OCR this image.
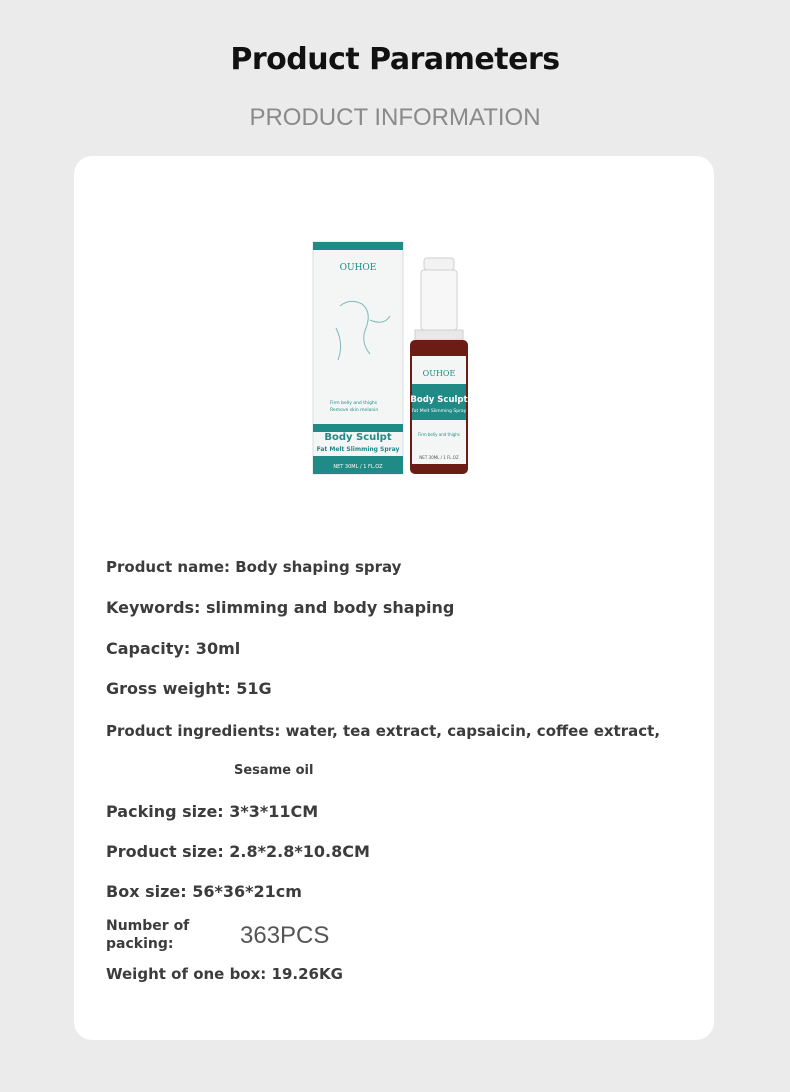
Product Parameters
PRODUCT INFORMATION
OUHOE
Firm belly and thighs
Remove skin melanin
Body Sculpt
Fat Melt Slimming Spray
NET 30ML / 1 FL.OZ
OUHOE
Body Sculpt
Fat Melt Slimming Spray
Firm belly and thighs
NET 30ML / 1 FL.OZ
Product name: Body shaping spray
Keywords: slimming and body shaping
Capacity: 30ml
Gross weight: 51G
Product ingredients: water, tea extract, capsaicin, coffee extract,
Sesame oil
Packing size: 3*3*11CM
Product size: 2.8*2.8*10.8CM
Box size: 56*36*21cm
Number of packing:	363PCS
Weight of one box: 19.26KG
